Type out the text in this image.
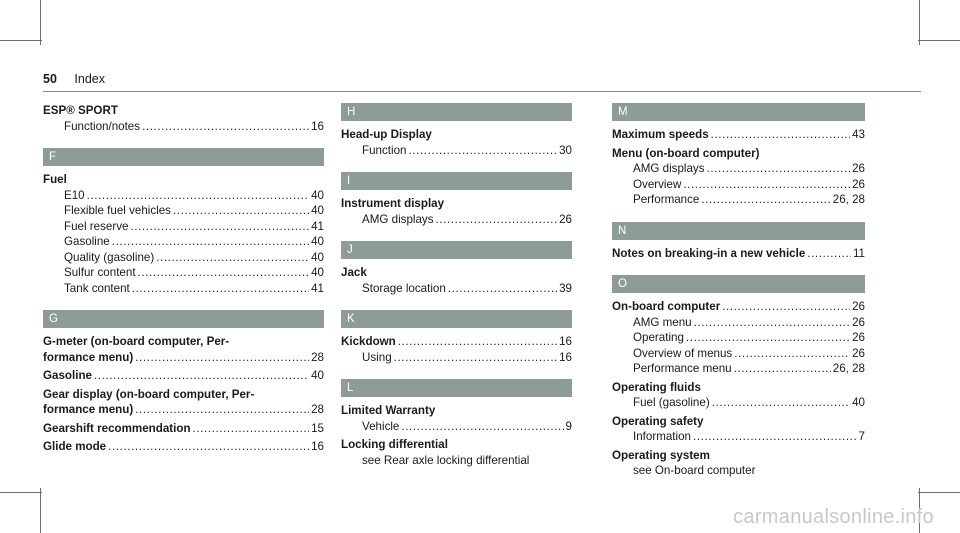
50 Index
ESP® SPORT
Function/notes .....	16
F
Fuel
E10 .....	40
Flexible fuel vehicles .....	40
Fuel reserve .....	41
Gasoline .....	40
Quality (gasoline) .....	40
Sulfur content .....	40
Tank content .....	41
G
G-meter (on-board computer, Per-
formance menu) .....	28
Gasoline .....	40
Gear display (on-board computer, Per-
formance menu) .....	28
Gearshift recommendation .....	15
Glide mode .....	16
H
Head-up Display
Function .....	30
I
Instrument display
AMG displays .....	26
J
Jack
Storage location .....	39
K
Kickdown .....	16
Using .....	16
L
Limited Warranty
Vehicle .....	9
Locking differential
see Rear axle locking differential
M
Maximum speeds .....	43
Menu (on-board computer)
AMG displays .....	26
Overview .....	26
Performance .....	26, 28
N
Notes on breaking-in a new vehicle .....	11
O
On-board computer .....	26
AMG menu .....	26
Operating .....	26
Overview of menus .....	26
Performance menu .....	26, 28
Operating fluids
Fuel (gasoline) .....	40
Operating safety
Information .....	7
Operating system
see On-board computer
carmanualsonline.info
